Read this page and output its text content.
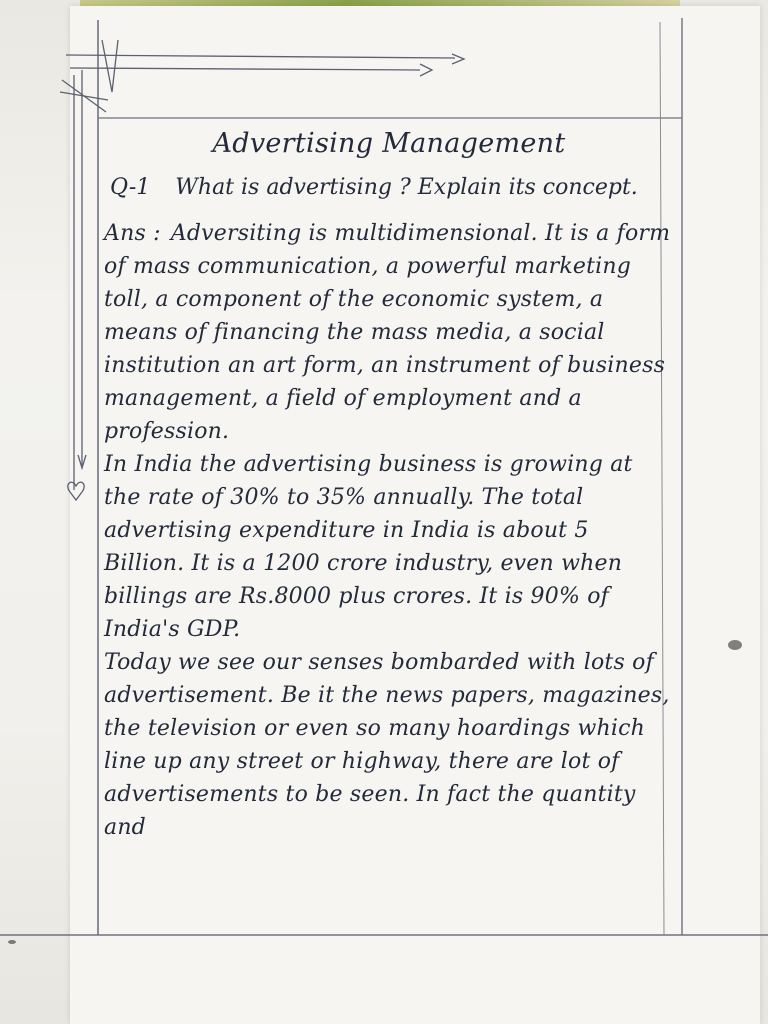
Advertising Management
Q-1 What is advertising ? Explain its concept.

Ans : Adversiting is multidimensional. It is a form of mass communication, a powerful marketing toll, a component of the economic system, a means of financing the mass media, a social institution an art form, an instrument of business management, a field of employment and a profession.

In India the advertising business is growing at the rate of 30% to 35% annually. The total advertising expenditure in India is about 5 Billion. It is a 1200 crore industry, even when billings are Rs.8000 plus crores. It is 90% of India's GDP.

Today we see our senses bombarded with lots of advertisement. Be it the news papers, magazines, the television or even so many hoardings which line up any street or highway, there are lot of advertisements to be seen. In fact the quantity and
